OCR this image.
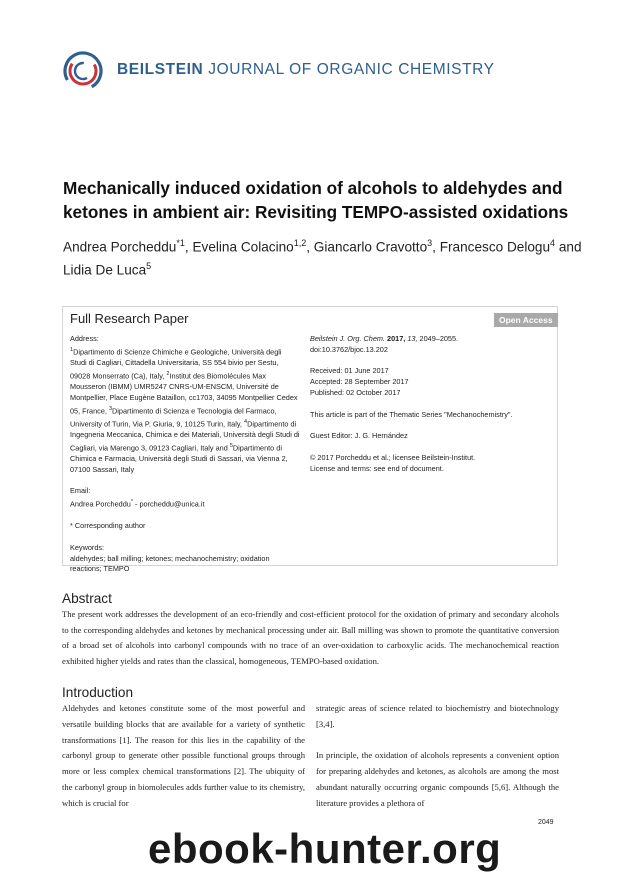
BEILSTEIN JOURNAL OF ORGANIC CHEMISTRY
Mechanically induced oxidation of alcohols to aldehydes and ketones in ambient air: Revisiting TEMPO-assisted oxidations
Andrea Porcheddu$^{*1}$, Evelina Colacino$^{1,2}$, Giancarlo Cravotto$^3$, Francesco Delogu$^4$ and Lidia De Luca$^5$
Full Research Paper	Open Access
Address:
$^1$Dipartimento di Scienze Chimiche e Geologiche, Università degli Studi di Cagliari, Cittadella Universitaria, SS 554 bivio per Sestu, 09028 Monserrato (Ca), Italy, $^2$Institut des Biomolécules Max Mousseron (IBMM) UMR5247 CNRS-UM-ENSCM, Université de Montpellier, Place Eugène Bataillon, cc1703, 34095 Montpellier Cedex 05, France, $^3$Dipartimento di Scienza e Tecnologia del Farmaco, University of Turin, Via P. Giuria, 9, 10125 Turin, Italy, $^4$Dipartimento di Ingegneria Meccanica, Chimica e dei Materiali, Università degli Studi di Cagliari, via Marengo 3, 09123 Cagliari, Italy and $^5$Dipartimento di Chimica e Farmacia, Università degli Studi di Sassari, via Vienna 2, 07100 Sassari, Italy
Email:
Andrea Porcheddu* - porcheddu@unica.it
* Corresponding author
Keywords:
aldehydes; ball milling; ketones; mechanochemistry; oxidation reactions; TEMPO
Beilstein J. Org. Chem. 2017, 13, 2049–2055.
doi:10.3762/bjoc.13.202
Received: 01 June 2017
Accepted: 28 September 2017
Published: 02 October 2017
This article is part of the Thematic Series "Mechanochemistry".
Guest Editor: J. G. Hernández
© 2017 Porcheddu et al.; licensee Beilstein-Institut.
License and terms: see end of document.
Abstract
The present work addresses the development of an eco-friendly and cost-efficient protocol for the oxidation of primary and secondary alcohols to the corresponding aldehydes and ketones by mechanical processing under air. Ball milling was shown to promote the quantitative conversion of a broad set of alcohols into carbonyl compounds with no trace of an over-oxidation to carboxylic acids. The mechanochemical reaction exhibited higher yields and rates than the classical, homogeneous, TEMPO-based oxidation.
Introduction
Aldehydes and ketones constitute some of the most powerful and versatile building blocks that are available for a variety of synthetic transformations [1]. The reason for this lies in the capability of the carbonyl group to generate other possible functional groups through more or less complex chemical transformations [2]. The ubiquity of the carbonyl group in biomolecules adds further value to its chemistry, which is crucial for
strategic areas of science related to biochemistry and biotechnology [3,4].
In principle, the oxidation of alcohols represents a convenient option for preparing aldehydes and ketones, as alcohols are among the most abundant naturally occurring organic compounds [5,6]. Although the literature provides a plethora of
2049
ebook-hunter.org
